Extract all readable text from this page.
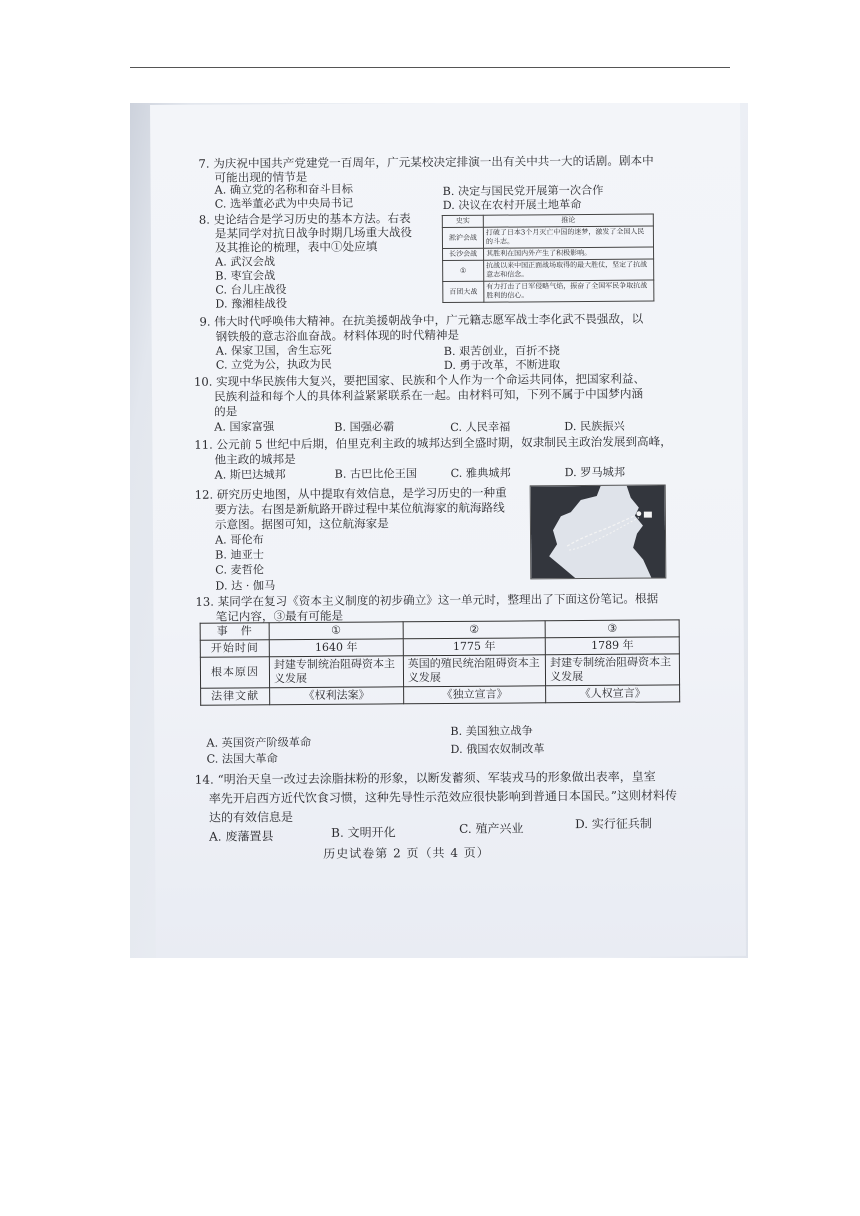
7. 为庆祝中国共产党建党一百周年，广元某校决定排演一出有关中共一大的话剧。剧本中
可能出现的情节是
A. 确立党的名称和奋斗目标	B. 决定与国民党开展第一次合作
C. 选举董必武为中央局书记	D. 决议在农村开展土地革命
8. 史论结合是学习历史的基本方法。右表
是某同学对抗日战争时期几场重大战役
及其推论的梳理，表中①处应填
A. 武汉会战
B. 枣宜会战
C. 台儿庄战役
D. 豫湘桂战役
史实	推论
淞沪会战	打破了日本3个月灭亡中国的迷梦，激发了全国人民的斗志。
长沙会战	其胜利在国内外产生了积极影响。
①	抗战以来中国正面战场取得的最大胜仗，坚定了抗战意志和信念。
百团大战	有力打击了日军侵略气焰，振奋了全国军民争取抗战胜利的信心。
9. 伟大时代呼唤伟大精神。在抗美援朝战争中，广元籍志愿军战士李化武不畏强敌，以
钢铁般的意志浴血奋战。材料体现的时代精神是
A. 保家卫国，舍生忘死	B. 艰苦创业，百折不挠
C. 立党为公，执政为民	D. 勇于改革，不断进取
10. 实现中华民族伟大复兴，要把国家、民族和个人作为一个命运共同体，把国家利益、
民族利益和每个人的具体利益紧紧联系在一起。由材料可知，下列不属于中国梦内涵
的是
A. 国家富强	B. 国强必霸	C. 人民幸福	D. 民族振兴
11. 公元前 5 世纪中后期，伯里克利主政的城邦达到全盛时期，奴隶制民主政治发展到高峰，
他主政的城邦是
A. 斯巴达城邦	B. 古巴比伦王国	C. 雅典城邦	D. 罗马城邦
12. 研究历史地图，从中提取有效信息，是学习历史的一种重
要方法。右图是新航路开辟过程中某位航海家的航海路线
示意图。据图可知，这位航海家是
A. 哥伦布
B. 迪亚士
C. 麦哲伦
D. 达 · 伽马
13. 某同学在复习《资本主义制度的初步确立》这一单元时，整理出了下面这份笔记。根据
笔记内容，③最有可能是
事　件	①	②	③
开始时间	1640 年	1775 年	1789 年
根本原因	封建专制统治阻碍资本主义发展	英国的殖民统治阻碍资本主义发展	封建专制统治阻碍资本主义发展
法律文献	《权利法案》	《独立宣言》	《人权宣言》
A. 英国资产阶级革命
B. 美国独立战争
C. 法国大革命
D. 俄国农奴制改革
14. “明治天皇一改过去涂脂抹粉的形象，以断发蓄须、军装戎马的形象做出表率，皇室
率先开启西方近代饮食习惯，这种先导性示范效应很快影响到普通日本国民。”这则材料传
达的有效信息是
A. 废藩置县	B. 文明开化	C. 殖产兴业	D. 实行征兵制
历史试卷第 2 页（共 4 页）
